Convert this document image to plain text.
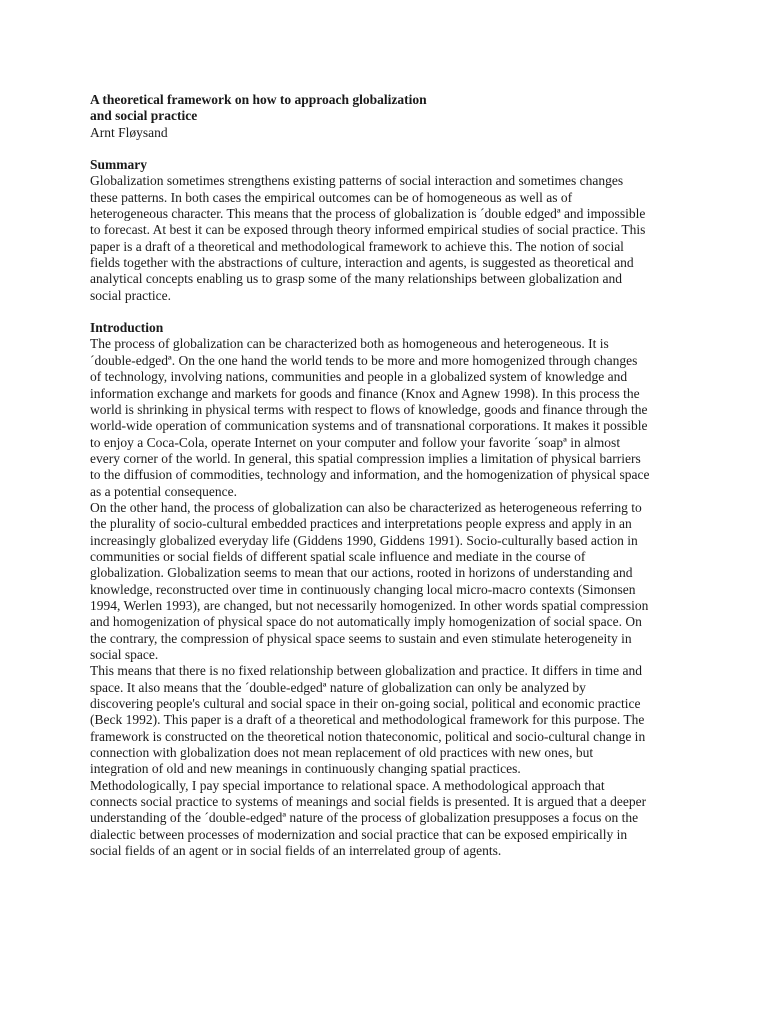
A theoretical framework on how to approach globalization
and social practice
Arnt Fløysand
Summary

Globalization sometimes strengthens existing patterns of social interaction and sometimes changes these patterns. In both cases the empirical outcomes can be of homogeneous as well as of heterogeneous character. This means that the process of globalization is ´double edgedª and impossible to forecast. At best it can be exposed through theory informed empirical studies of social practice. This paper is a draft of a theoretical and methodological framework to achieve this. The notion of social fields together with the abstractions of culture, interaction and agents, is suggested as theoretical and analytical concepts enabling us to grasp some of the many relationships between globalization and social practice.

Introduction

The process of globalization can be characterized both as homogeneous and heterogeneous. It is ´double-edgedª. On the one hand the world tends to be more and more homogenized through changes of technology, involving nations, communities and people in a globalized system of knowledge and information exchange and markets for goods and finance (Knox and Agnew 1998). In this process the world is shrinking in physical terms with respect to flows of knowledge, goods and finance through the world-wide operation of communication systems and of transnational corporations. It makes it possible to enjoy a Coca-Cola, operate Internet on your computer and follow your favorite ´soapª in almost every corner of the world. In general, this spatial compression implies a limitation of physical barriers to the diffusion of commodities, technology and information, and the homogenization of physical space as a potential consequence.

On the other hand, the process of globalization can also be characterized as heterogeneous referring to the plurality of socio-cultural embedded practices and interpretations people express and apply in an increasingly globalized everyday life (Giddens 1990, Giddens 1991). Socio-culturally based action in communities or social fields of different spatial scale influence and mediate in the course of globalization. Globalization seems to mean that our actions, rooted in horizons of understanding and knowledge, reconstructed over time in continuously changing local micro-macro contexts (Simonsen 1994, Werlen 1993), are changed, but not necessarily homogenized. In other words spatial compression and homogenization of physical space do not automatically imply homogenization of social space. On the contrary, the compression of physical space seems to sustain and even stimulate heterogeneity in social space.

This means that there is no fixed relationship between globalization and practice. It differs in time and space. It also means that the ´double-edgedª nature of globalization can only be analyzed by discovering people's cultural and social space in their on-going social, political and economic practice (Beck 1992). This paper is a draft of a theoretical and methodological framework for this purpose. The framework is constructed on the theoretical notion thateconomic, political and socio-cultural change in connection with globalization does not mean replacement of old practices with new ones, but integration of old and new meanings in continuously changing spatial practices.

Methodologically, I pay special importance to relational space. A methodological approach that connects social practice to systems of meanings and social fields is presented. It is argued that a deeper understanding of the ´double-edgedª nature of the process of globalization presupposes a focus on the dialectic between processes of modernization and social practice that can be exposed empirically in social fields of an agent or in social fields of an interrelated group of agents.
